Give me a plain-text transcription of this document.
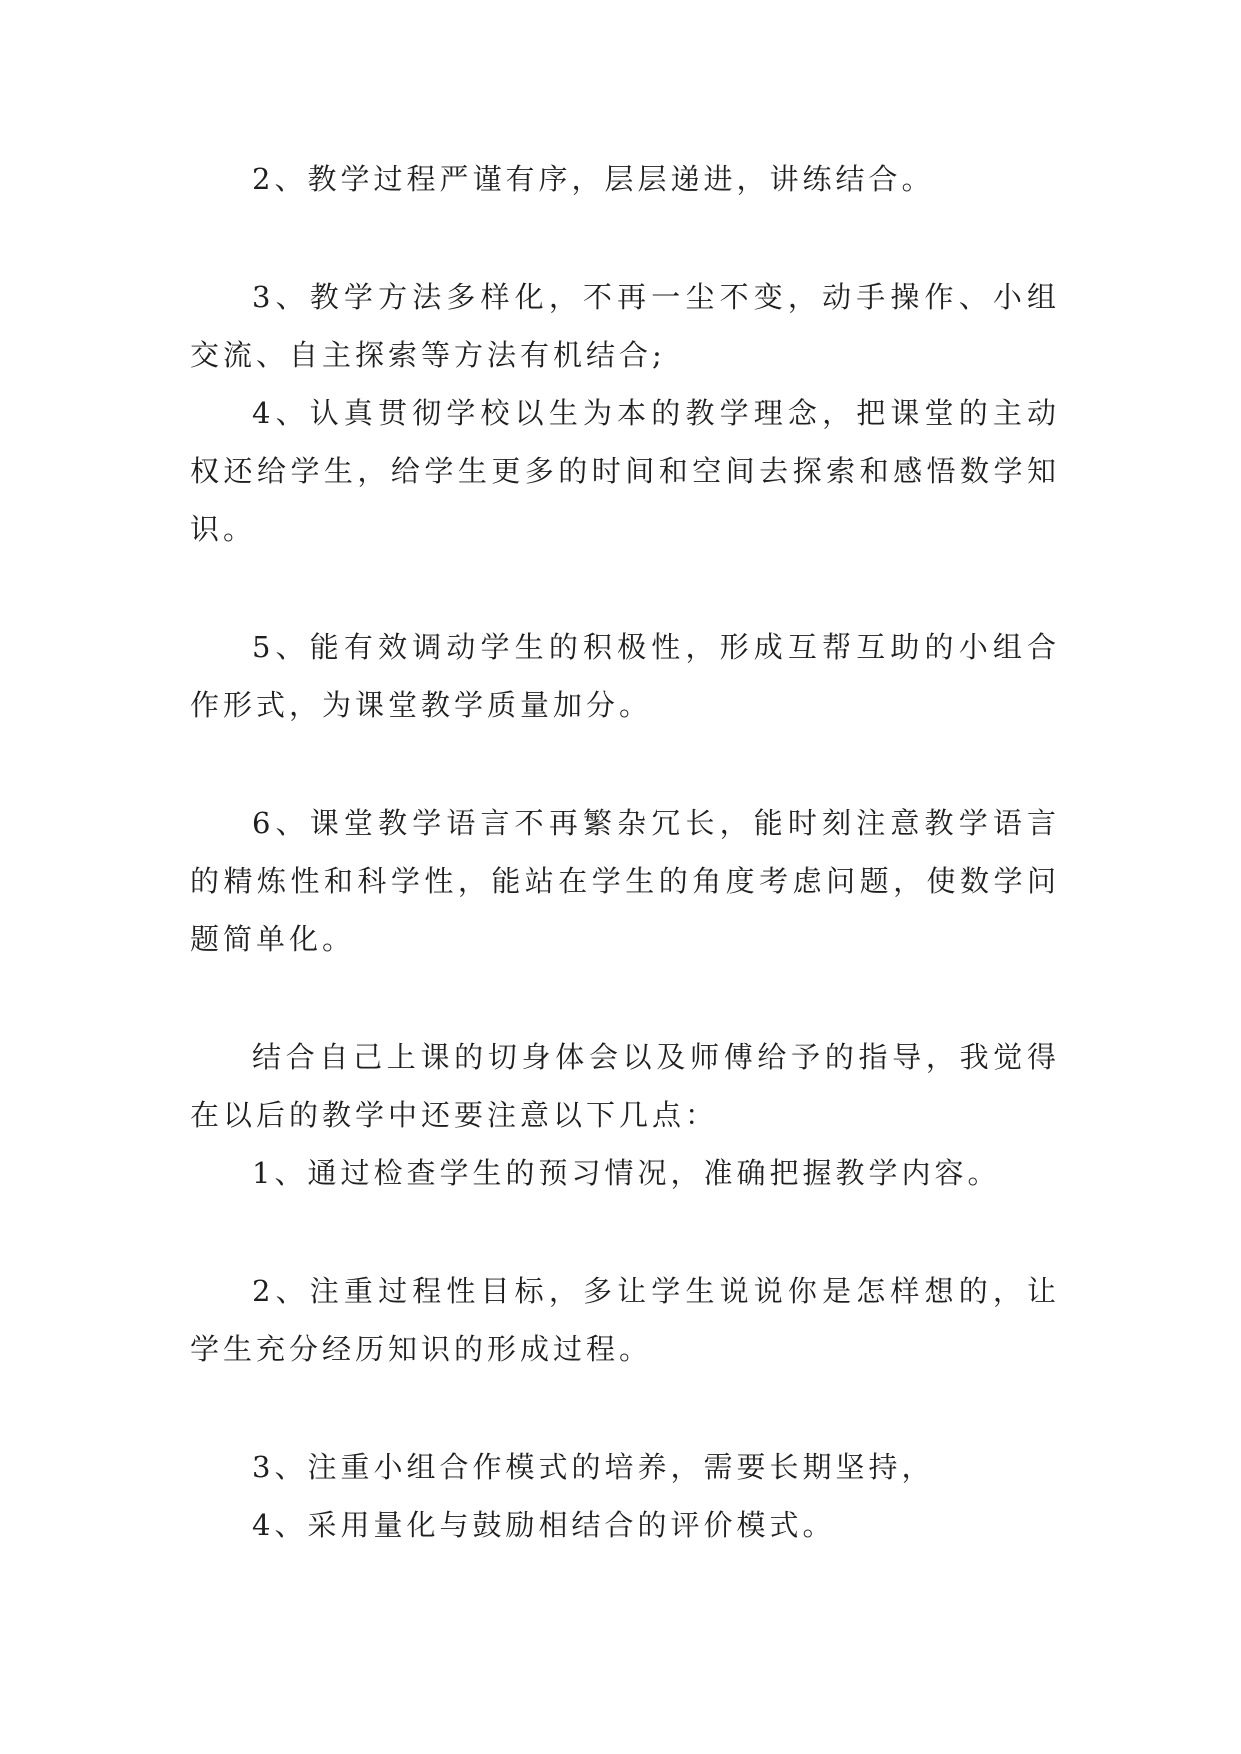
2、教学过程严谨有序，层层递进，讲练结合。

3、教学方法多样化，不再一尘不变，动手操作、小组交流、自主探索等方法有机结合;

4、认真贯彻学校以生为本的教学理念，把课堂的主动权还给学生，给学生更多的时间和空间去探索和感悟数学知识。

5、能有效调动学生的积极性，形成互帮互助的小组合作形式，为课堂教学质量加分。

6、课堂教学语言不再繁杂冗长，能时刻注意教学语言的精炼性和科学性，能站在学生的角度考虑问题，使数学问题简单化。

结合自己上课的切身体会以及师傅给予的指导，我觉得在以后的教学中还要注意以下几点：

1、通过检查学生的预习情况，准确把握教学内容。

2、注重过程性目标，多让学生说说你是怎样想的，让学生充分经历知识的形成过程。

3、注重小组合作模式的培养，需要长期坚持，

4、采用量化与鼓励相结合的评价模式。
